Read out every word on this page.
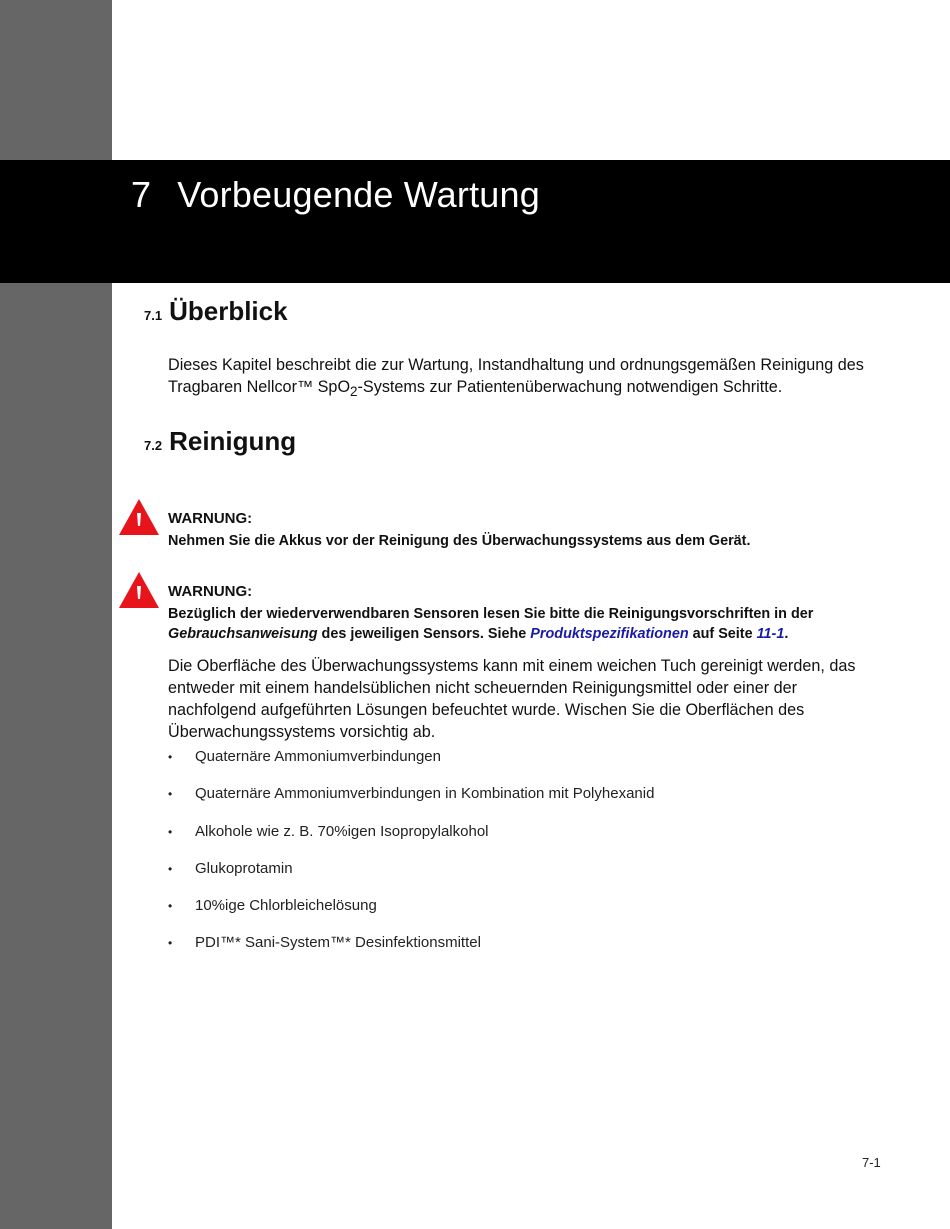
7 Vorbeugende Wartung
7.1 Überblick

Dieses Kapitel beschreibt die zur Wartung, Instandhaltung und ordnungsgemäßen Reinigung des Tragbaren Nellcor™ SpO$_2$-Systems zur Patientenüberwachung notwendigen Schritte.

7.2 Reinigung

WARNUNG:

Nehmen Sie die Akkus vor der Reinigung des Überwachungssystems aus dem Gerät.

WARNUNG:

Bezüglich der wiederverwendbaren Sensoren lesen Sie bitte die Reinigungsvorschriften in der Gebrauchsanweisung des jeweiligen Sensors. Siehe Produktspezifikationen auf Seite 11-1.

Die Oberfläche des Überwachungssystems kann mit einem weichen Tuch gereinigt werden, das entweder mit einem handelsüblichen nicht scheuernden Reinigungsmittel oder einer der nachfolgend aufgeführten Lösungen befeuchtet wurde. Wischen Sie die Oberflächen des Überwachungssystems vorsichtig ab.

• Quaternäre Ammoniumverbindungen
• Quaternäre Ammoniumverbindungen in Kombination mit Polyhexanid
• Alkohole wie z. B. 70%igen Isopropylalkohol
• Glukoprotamin
• 10%ige Chlorbleichelösung
• PDI™* Sani-System™* Desinfektionsmittel
7-1
